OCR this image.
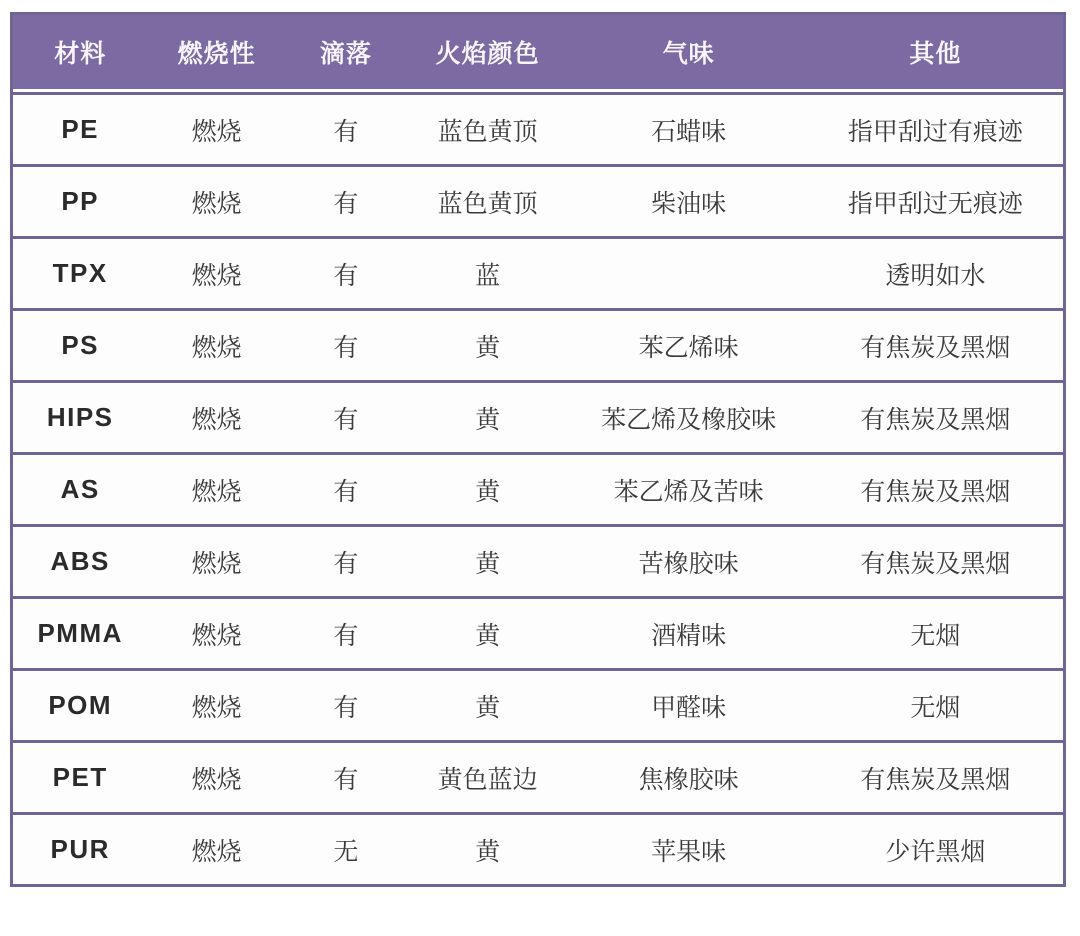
材料	燃烧性	滴落	火焰颜色	气味	其他
PE	燃烧	有	蓝色黄顶	石蜡味	指甲刮过有痕迹
PP	燃烧	有	蓝色黄顶	柴油味	指甲刮过无痕迹
TPX	燃烧	有	蓝		透明如水
PS	燃烧	有	黄	苯乙烯味	有焦炭及黑烟
HIPS	燃烧	有	黄	苯乙烯及橡胶味	有焦炭及黑烟
AS	燃烧	有	黄	苯乙烯及苦味	有焦炭及黑烟
ABS	燃烧	有	黄	苦橡胶味	有焦炭及黑烟
PMMA	燃烧	有	黄	酒精味	无烟
POM	燃烧	有	黄	甲醛味	无烟
PET	燃烧	有	黄色蓝边	焦橡胶味	有焦炭及黑烟
PUR	燃烧	无	黄	苹果味	少许黑烟
